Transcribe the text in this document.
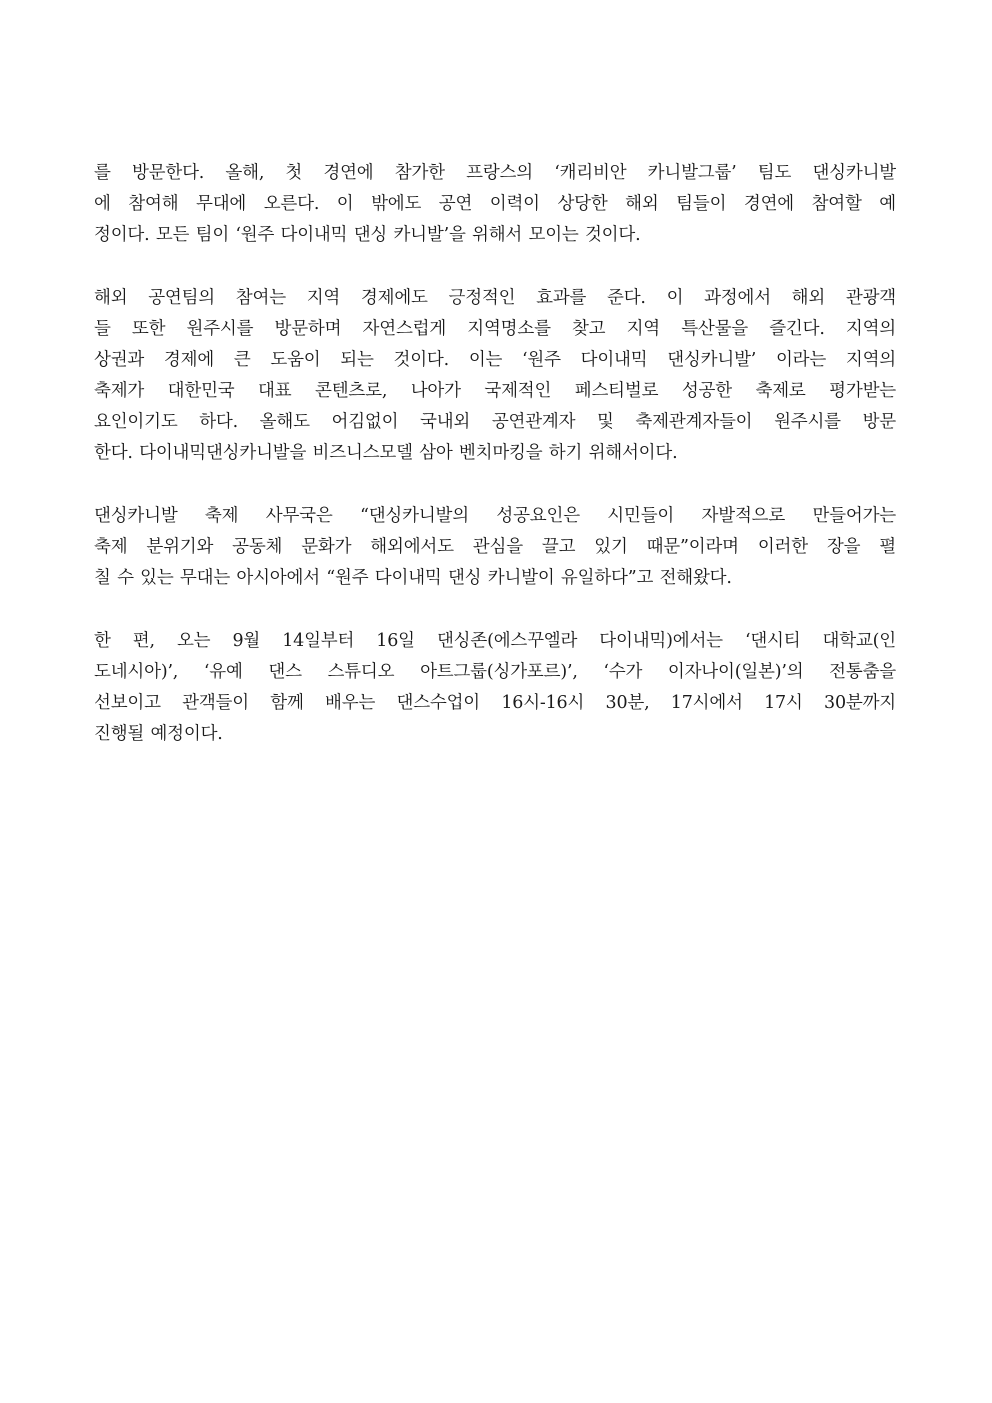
를 방문한다. 올해, 첫 경연에 참가한 프랑스의 ‘캐리비안 카니발그룹’ 팀도 댄싱카니발
에 참여해 무대에 오른다. 이 밖에도 공연 이력이 상당한 해외 팀들이 경연에 참여할 예
정이다. 모든 팀이 ‘원주 다이내믹 댄싱 카니발’을 위해서 모이는 것이다.
해외 공연팀의 참여는 지역 경제에도 긍정적인 효과를 준다. 이 과정에서 해외 관광객
들 또한 원주시를 방문하며 자연스럽게 지역명소를 찾고 지역 특산물을 즐긴다. 지역의
상권과 경제에 큰 도움이 되는 것이다. 이는 ‘원주 다이내믹 댄싱카니발’ 이라는 지역의
축제가 대한민국 대표 콘텐츠로, 나아가 국제적인 페스티벌로 성공한 축제로 평가받는
요인이기도 하다. 올해도 어김없이 국내외 공연관계자 및 축제관계자들이 원주시를 방문
한다. 다이내믹댄싱카니발을 비즈니스모델 삼아 벤치마킹을 하기 위해서이다.
댄싱카니발 축제 사무국은 “댄싱카니발의 성공요인은 시민들이 자발적으로 만들어가는
축제 분위기와 공동체 문화가 해외에서도 관심을 끌고 있기 때문”이라며 이러한 장을 펼
칠 수 있는 무대는 아시아에서 “원주 다이내믹 댄싱 카니발이 유일하다”고 전해왔다.
한 편, 오는 9월 14일부터 16일 댄싱존(에스꾸엘라 다이내믹)에서는 ‘댄시티 대학교(인
도네시아)’, ‘유예 댄스 스튜디오 아트그룹(싱가포르)’, ‘수가 이자나이(일본)’의 전통춤을
선보이고 관객들이 함께 배우는 댄스수업이 16시-16시 30분, 17시에서 17시 30분까지
진행될 예정이다.
